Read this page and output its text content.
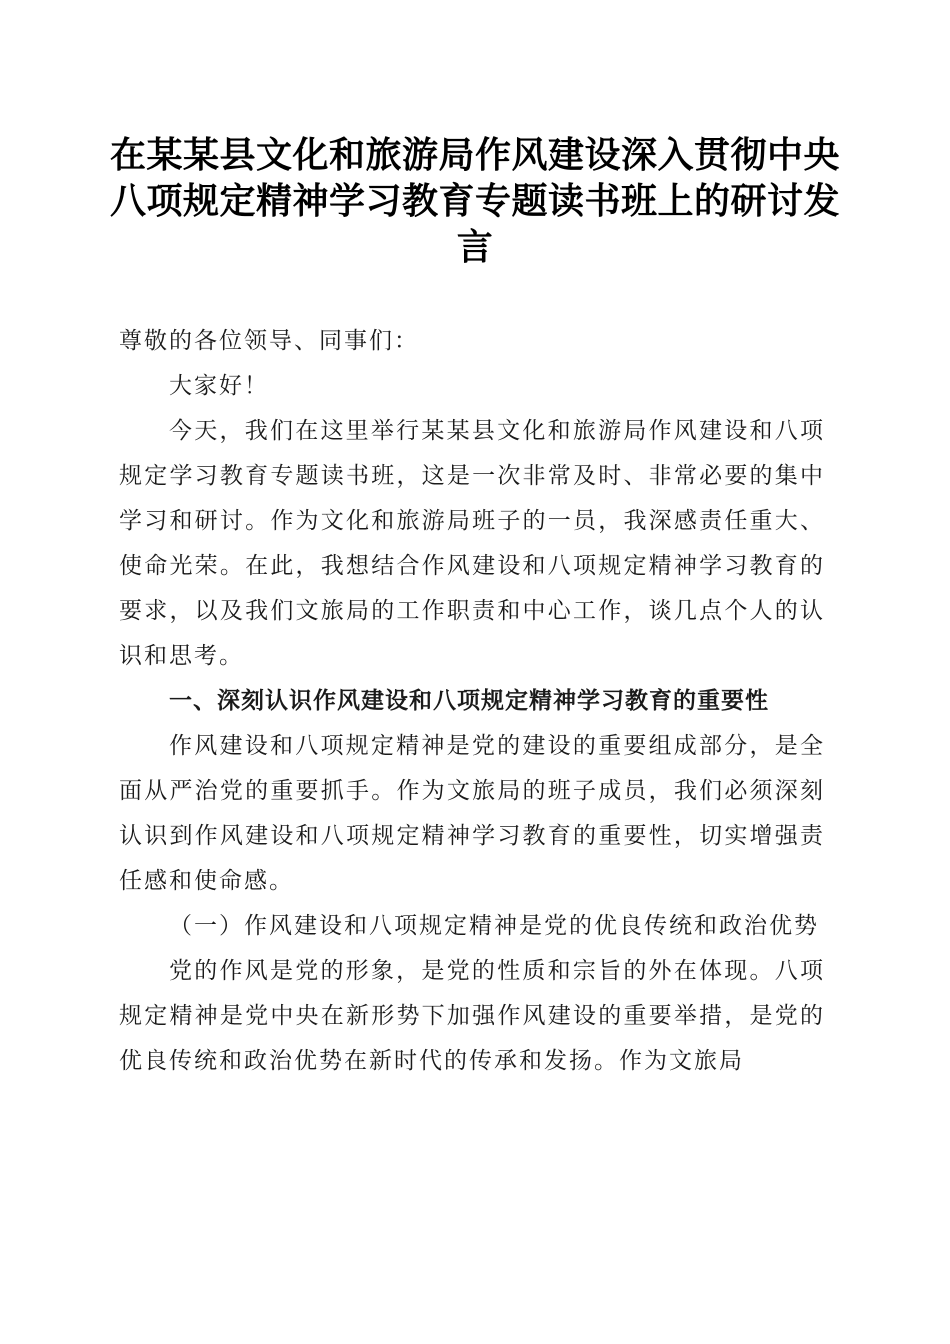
在某某县文化和旅游局作风建设深入贯彻中央
八项规定精神学习教育专题读书班上的研讨发
言

尊敬的各位领导、同事们：

大家好！

今天，我们在这里举行某某县文化和旅游局作风建设和八项规定学习教育专题读书班，这是一次非常及时、非常必要的集中学习和研讨。作为文化和旅游局班子的一员，我深感责任重大、使命光荣。在此，我想结合作风建设和八项规定精神学习教育的要求，以及我们文旅局的工作职责和中心工作，谈几点个人的认识和思考。

一、深刻认识作风建设和八项规定精神学习教育的重要性

作风建设和八项规定精神是党的建设的重要组成部分，是全面从严治党的重要抓手。作为文旅局的班子成员，我们必须深刻认识到作风建设和八项规定精神学习教育的重要性，切实增强责任感和使命感。

（一）作风建设和八项规定精神是党的优良传统和政治优势

党的作风是党的形象，是党的性质和宗旨的外在体现。八项规定精神是党中央在新形势下加强作风建设的重要举措，是党的优良传统和政治优势在新时代的传承和发扬。作为文旅局
